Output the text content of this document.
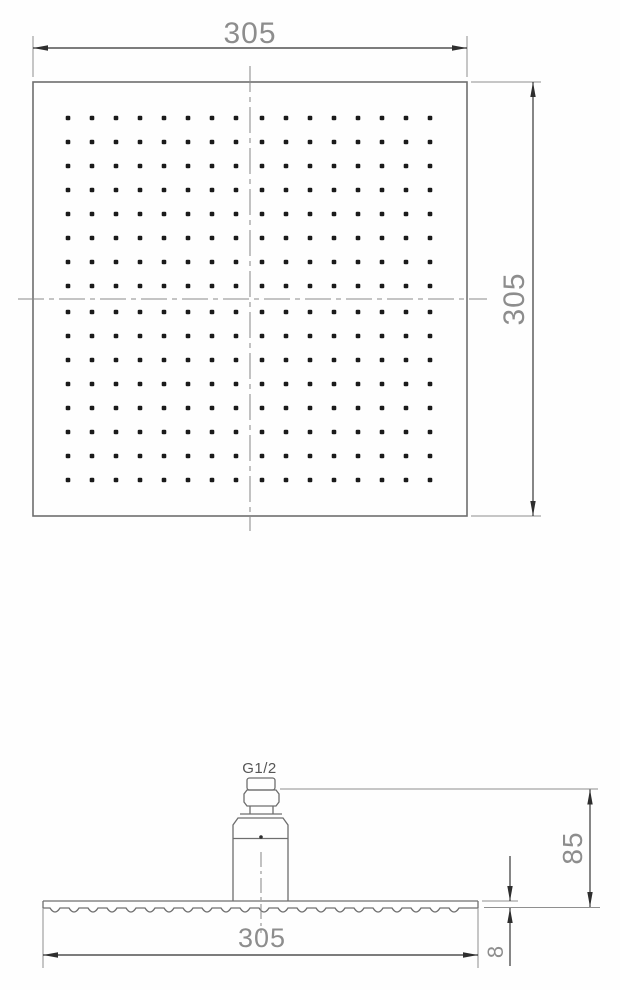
305
305
G1/2
85
8
305
